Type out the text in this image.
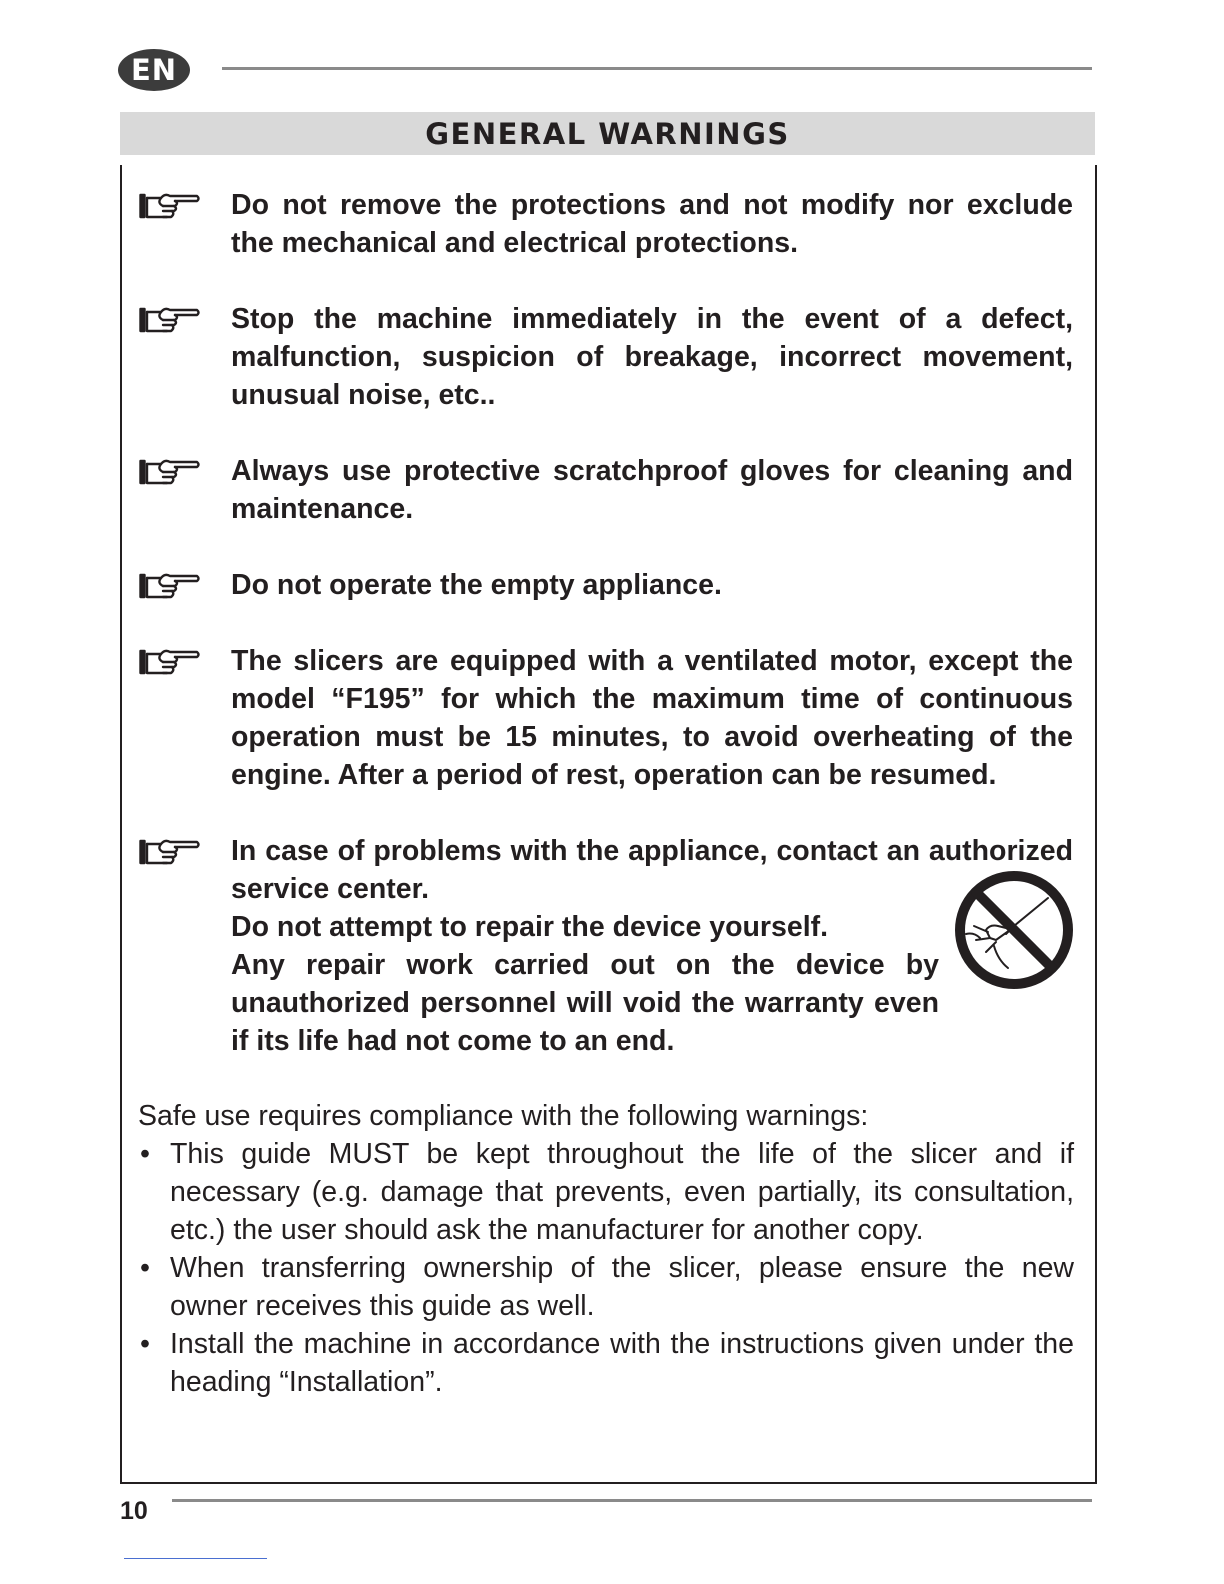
EN
GENERAL WARNINGS

Do not remove the protections and not modify nor exclude the mechanical and electrical protections.

Stop the machine immediately in the event of a defect, malfunction, suspicion of breakage, incorrect movement, unusual noise, etc..

Always use protective scratchproof gloves for cleaning and maintenance.

Do not operate the empty appliance.

The slicers are equipped with a ventilated motor, except the model “F195” for which the maximum time of continuous operation must be 15 minutes, to avoid overheating of the engine. After a period of rest, operation can be resumed.

In case of problems with the appliance, contact an authorized service center.

Do not attempt to repair the device yourself.

Any repair work carried out on the device by unauthorized personnel will void the warranty even if its life had not come to an end.

Safe use requires compliance with the following warnings:
• This guide MUST be kept throughout the life of the slicer and if necessary (e.g. damage that prevents, even partially, its consultation, etc.) the user should ask the manufacturer for another copy.
• When transferring ownership of the slicer, please ensure the new owner receives this guide as well.
• Install the machine in accordance with the instructions given under the heading “Installation”.
10
